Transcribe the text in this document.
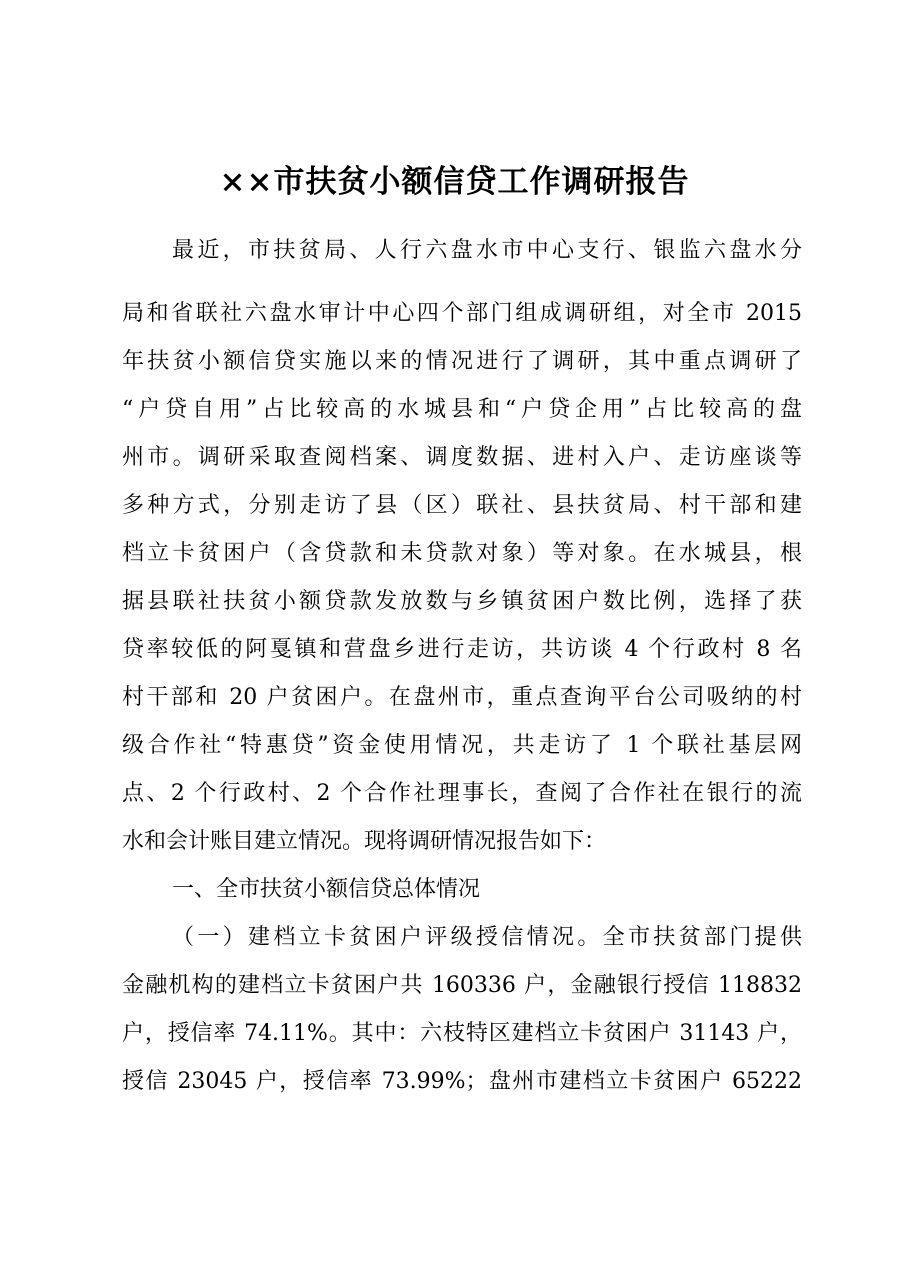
××市扶贫小额信贷工作调研报告

最近，市扶贫局、人行六盘水市中心支行、银监六盘水分

局和省联社六盘水审计中心四个部门组成调研组，对全市 2015

年扶贫小额信贷实施以来的情况进行了调研，其中重点调研了

“户贷自用”占比较高的水城县和“户贷企用”占比较高的盘

州市。调研采取查阅档案、调度数据、进村入户、走访座谈等

多种方式，分别走访了县（区）联社、县扶贫局、村干部和建

档立卡贫困户（含贷款和未贷款对象）等对象。在水城县，根

据县联社扶贫小额贷款发放数与乡镇贫困户数比例，选择了获

贷率较低的阿戛镇和营盘乡进行走访，共访谈 4 个行政村 8 名

村干部和 20 户贫困户。在盘州市，重点查询平台公司吸纳的村

级合作社“特惠贷”资金使用情况，共走访了 1 个联社基层网

点、2 个行政村、2 个合作社理事长，查阅了合作社在银行的流

水和会计账目建立情况。现将调研情况报告如下：

一、全市扶贫小额信贷总体情况

（一）建档立卡贫困户评级授信情况。全市扶贫部门提供

金融机构的建档立卡贫困户共 160336 户，金融银行授信 118832

户，授信率 74.11%。其中：六枝特区建档立卡贫困户 31143 户，

授信 23045 户，授信率 73.99%；盘州市建档立卡贫困户 65222
